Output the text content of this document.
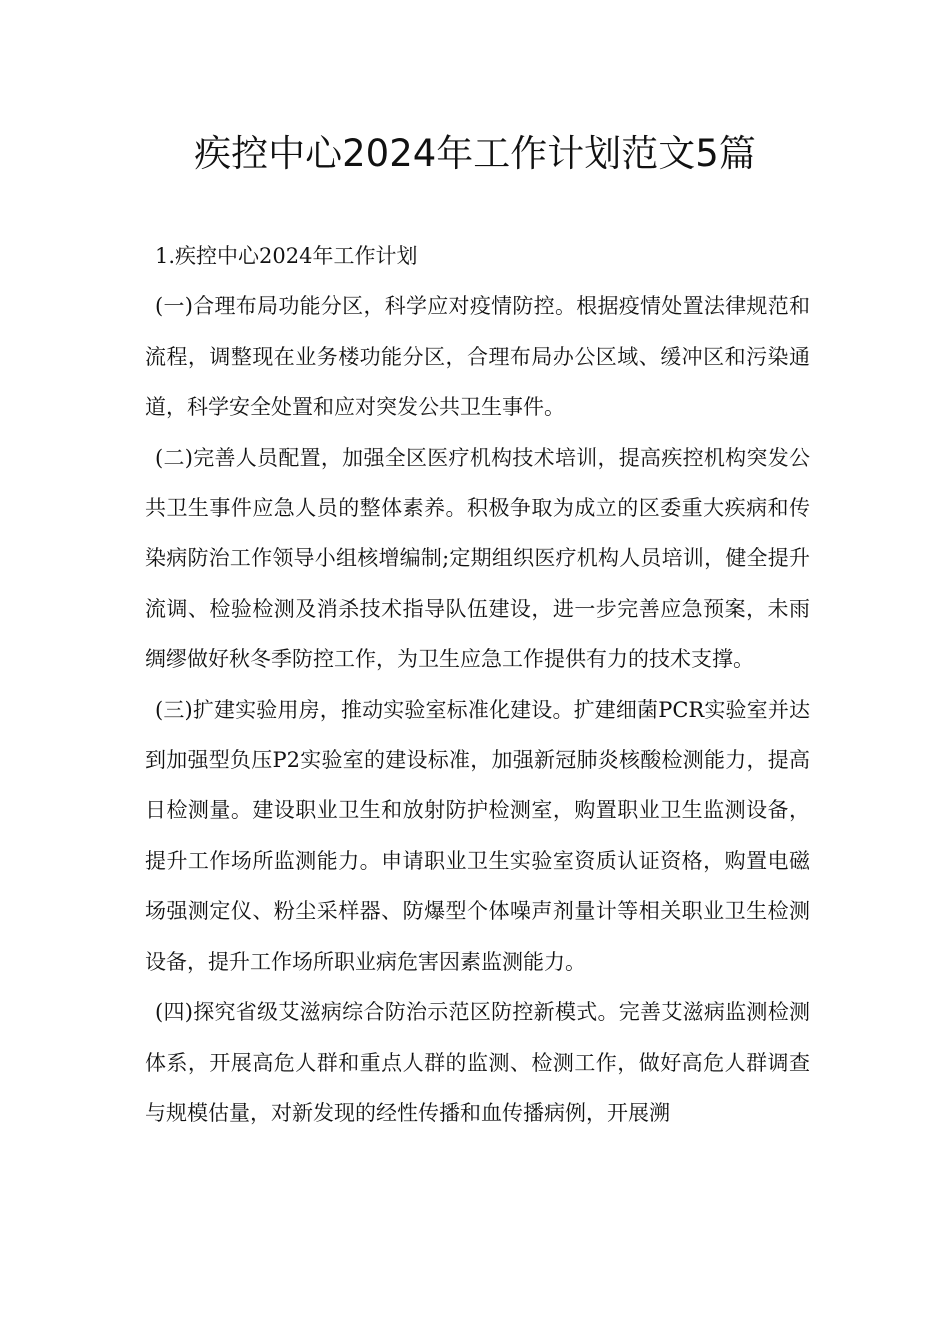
疾控中心2024年工作计划范文5篇

1.疾控中心2024年工作计划

(一)合理布局功能分区，科学应对疫情防控。根据疫情处置法律规范和流程，调整现在业务楼功能分区，合理布局办公区域、缓冲区和污染通道，科学安全处置和应对突发公共卫生事件。

(二)完善人员配置，加强全区医疗机构技术培训，提高疾控机构突发公共卫生事件应急人员的整体素养。积极争取为成立的区委重大疾病和传染病防治工作领导小组核增编制;定期组织医疗机构人员培训，健全提升流调、检验检测及消杀技术指导队伍建设，进一步完善应急预案，未雨绸缪做好秋冬季防控工作，为卫生应急工作提供有力的技术支撑。

(三)扩建实验用房，推动实验室标准化建设。扩建细菌PCR实验室并达到加强型负压P2实验室的建设标准，加强新冠肺炎核酸检测能力，提高日检测量。建设职业卫生和放射防护检测室，购置职业卫生监测设备，提升工作场所监测能力。申请职业卫生实验室资质认证资格，购置电磁场强测定仪、粉尘采样器、防爆型个体噪声剂量计等相关职业卫生检测设备，提升工作场所职业病危害因素监测能力。

(四)探究省级艾滋病综合防治示范区防控新模式。完善艾滋病监测检测体系，开展高危人群和重点人群的监测、检测工作，做好高危人群调查与规模估量，对新发现的经性传播和血传播病例，开展溯
